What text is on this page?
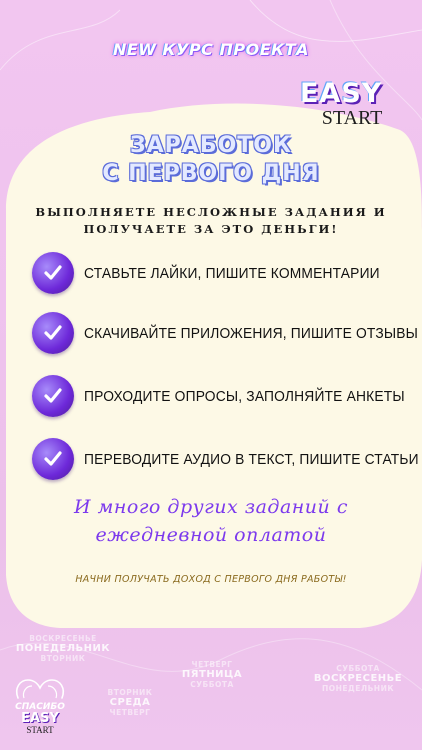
NEW КУРС ПРОЕКТА
EASY
START
ЗАРАБОТОК
С ПЕРВОГО ДНЯ
ВЫПОЛНЯЕТЕ НЕСЛОЖНЫЕ ЗАДАНИЯ И
ПОЛУЧАЕТЕ ЗА ЭТО ДЕНЬГИ!
СТАВЬТЕ ЛАЙКИ, ПИШИТЕ КОММЕНТАРИИ
СКАЧИВАЙТЕ ПРИЛОЖЕНИЯ, ПИШИТЕ ОТЗЫВЫ
ПРОХОДИТЕ ОПРОСЫ, ЗАПОЛНЯЙТЕ АНКЕТЫ
ПЕРЕВОДИТЕ АУДИО В ТЕКСТ, ПИШИТЕ СТАТЬИ
И много других заданий с
ежедневной оплатой
НАЧНИ ПОЛУЧАТЬ ДОХОД С ПЕРВОГО ДНЯ РАБОТЫ!
ВОСКРЕСЕНЬЕ
ПОНЕДЕЛЬНИК
ВТОРНИК
ВТОРНИК
СРЕДА
ЧЕТВЕРГ
ЧЕТВЕРГ
ПЯТНИЦА
СУББОТА
СУББОТА
ВОСКРЕСЕНЬЕ
ПОНЕДЕЛЬНИК
СПАСИБО
EASY
START
